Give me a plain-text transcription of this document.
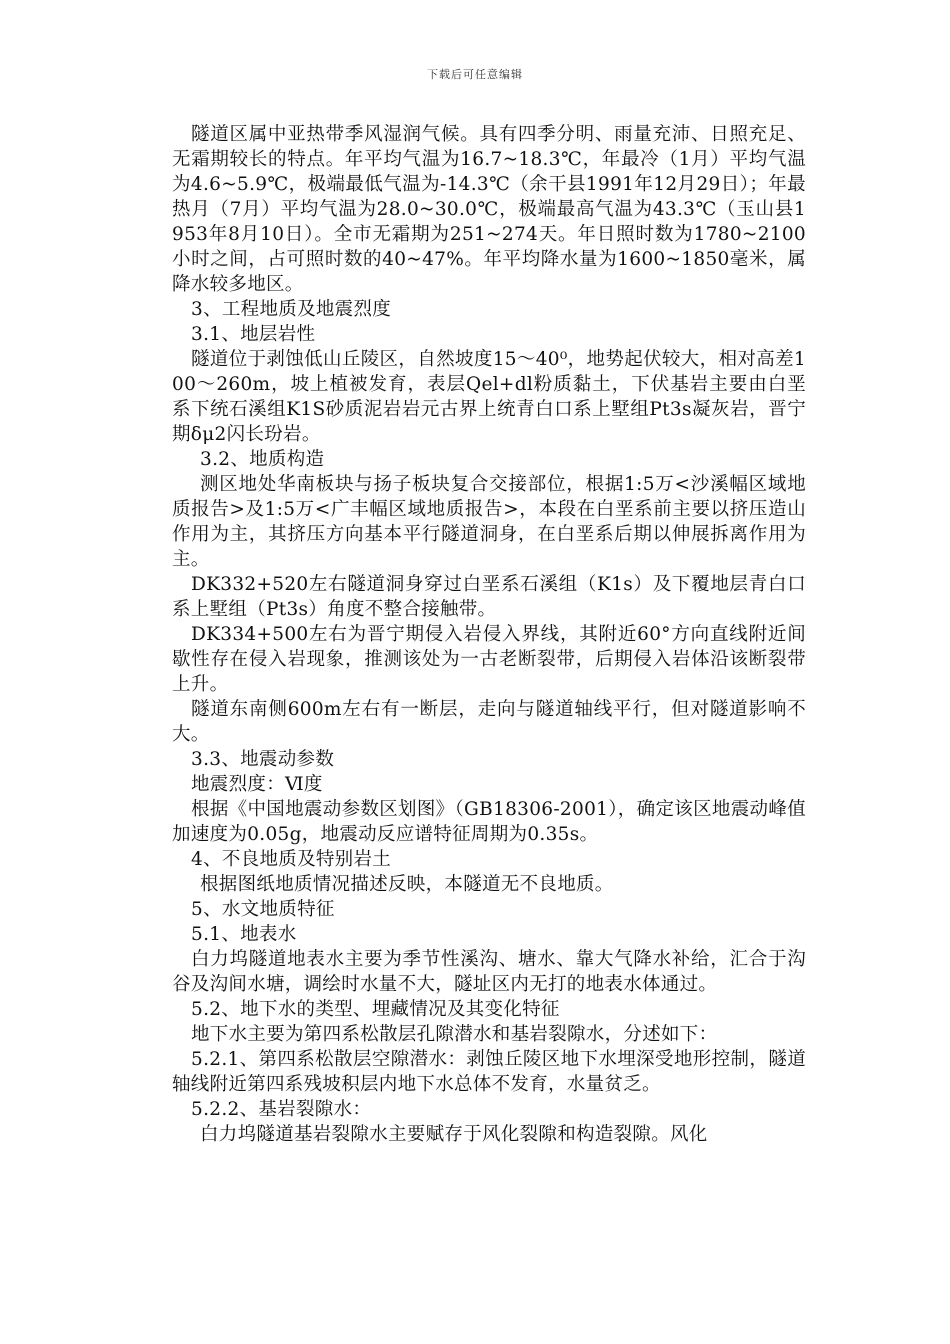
下载后可任意编辑

隧道区属中亚热带季风湿润气候。具有四季分明、雨量充沛、日照充足、无霜期较长的特点。年平均气温为16.7~18.3℃，年最冷（1月）平均气温为4.6~5.9℃，极端最低气温为-14.3℃（余干县1991年12月29日）；年最热月（7月）平均气温为28.0~30.0℃，极端最高气温为43.3℃（玉山县1953年8月10日）。全市无霜期为251~274天。年日照时数为1780~2100小时之间，占可照时数的40~47%。年平均降水量为1600~1850毫米，属降水较多地区。

3、工程地质及地震烈度

3.1、地层岩性

隧道位于剥蚀低山丘陵区，自然坡度15～40⁰，地势起伏较大，相对高差100～260m，坡上植被发育，表层Qel+dl粉质黏土，下伏基岩主要由白垩系下统石溪组K1S砂质泥岩岩元古界上统青白口系上墅组Pt3s凝灰岩，晋宁期δμ2闪长玢岩。

3.2、地质构造

测区地处华南板块与扬子板块复合交接部位，根据1:5万<沙溪幅区域地质报告>及1:5万<广丰幅区域地质报告>，本段在白垩系前主要以挤压造山作用为主，其挤压方向基本平行隧道洞身，在白垩系后期以伸展拆离作用为主。

DK332+520左右隧道洞身穿过白垩系石溪组（K1s）及下覆地层青白口系上墅组（Pt3s）角度不整合接触带。

DK334+500左右为晋宁期侵入岩侵入界线，其附近60°方向直线附近间歇性存在侵入岩现象，推测该处为一古老断裂带，后期侵入岩体沿该断裂带上升。

隧道东南侧600m左右有一断层，走向与隧道轴线平行，但对隧道影响不大。

3.3、地震动参数

地震烈度：Ⅵ度

根据《中国地震动参数区划图》（GB18306-2001），确定该区地震动峰值加速度为0.05g，地震动反应谱特征周期为0.35s。

4、不良地质及特别岩土

根据图纸地质情况描述反映，本隧道无不良地质。

5、水文地质特征

5.1、地表水

白力坞隧道地表水主要为季节性溪沟、塘水、靠大气降水补给，汇合于沟谷及沟间水塘，调绘时水量不大，隧址区内无打的地表水体通过。

5.2、地下水的类型、埋藏情况及其变化特征

地下水主要为第四系松散层孔隙潜水和基岩裂隙水，分述如下：

5.2.1、第四系松散层空隙潜水：剥蚀丘陵区地下水埋深受地形控制，隧道轴线附近第四系残坡积层内地下水总体不发育，水量贫乏。

5.2.2、基岩裂隙水：

白力坞隧道基岩裂隙水主要赋存于风化裂隙和构造裂隙。风化
